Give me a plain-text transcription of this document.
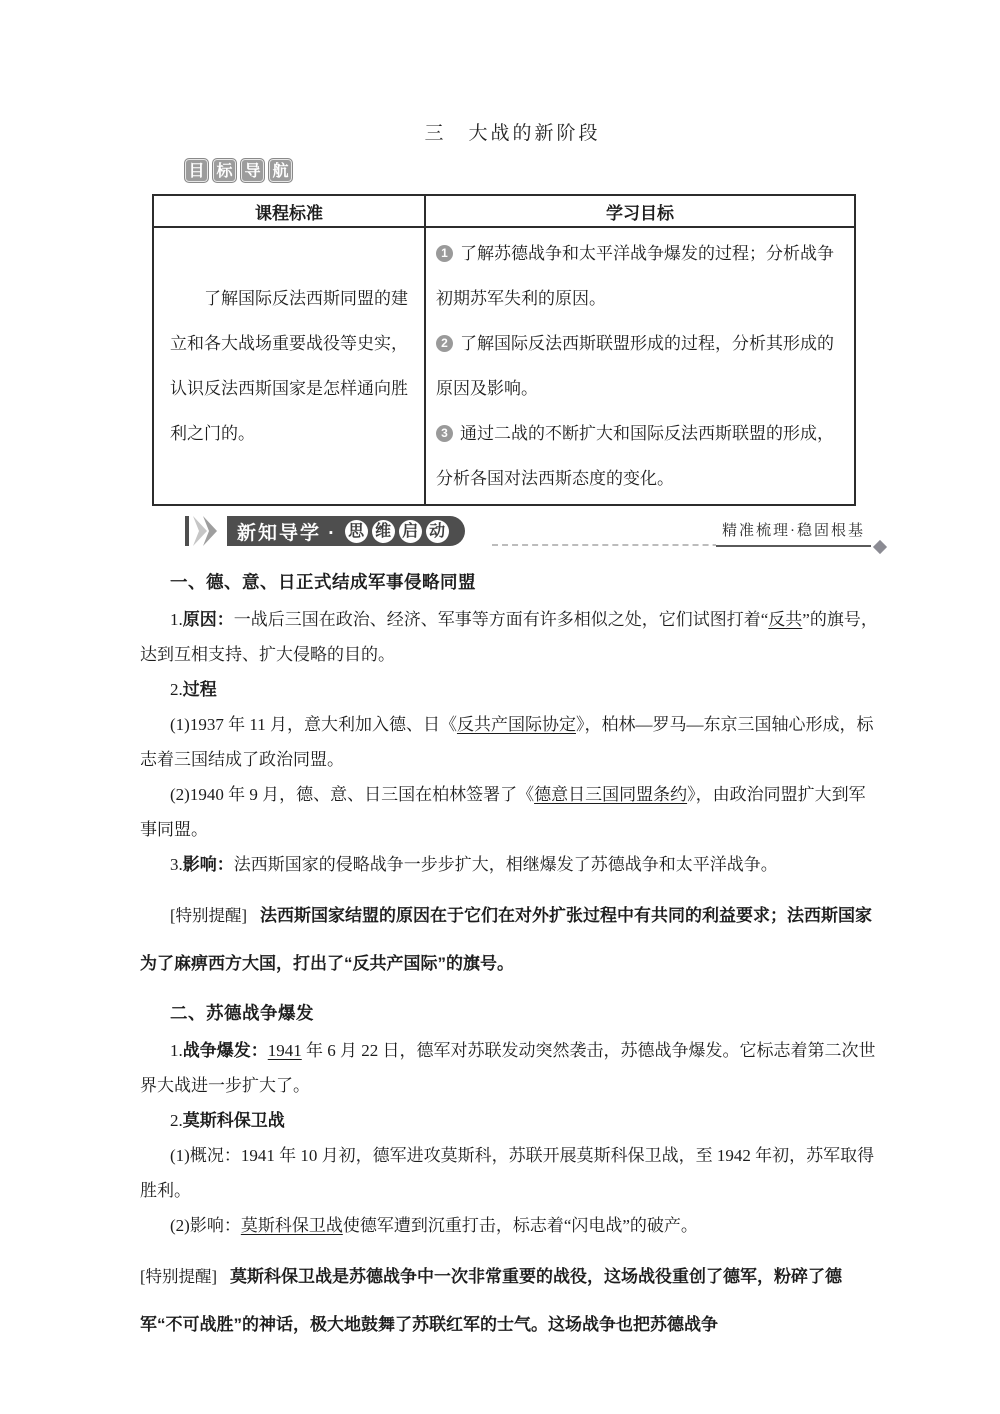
三　大战的新阶段
目 标 导 航
课程标准	学习目标
了解国际反法西斯同盟的建立和各大战场重要战役等史实，认识反法西斯国家是怎样通向胜利之门的。	1 了解苏德战争和太平洋战争爆发的过程；分析战争初期苏军失利的原因。

2 了解国际反法西斯联盟形成的过程，分析其形成的原因及影响。

3 通过二战的不断扩大和国际反法西斯联盟的形成，分析各国对法西斯态度的变化。

新知导学 · 思 维 启 动	精准梳理·稳固根基
一、德、意、日正式结成军事侵略同盟

1.原因：一战后三国在政治、经济、军事等方面有许多相似之处，它们试图打着“反共”的旗号，达到互相支持、扩大侵略的目的。

2.过程

(1)1937 年 11 月，意大利加入德、日《反共产国际协定》，柏林—罗马—东京三国轴心形成，标志着三国结成了政治同盟。

(2)1940 年 9 月，德、意、日三国在柏林签署了《德意日三国同盟条约》，由政治同盟扩大到军事同盟。

3.影响：法西斯国家的侵略战争一步步扩大，相继爆发了苏德战争和太平洋战争。

[特别提醒] 法西斯国家结盟的原因在于它们在对外扩张过程中有共同的利益要求；法西斯国家为了麻痹西方大国，打出了“反共产国际”的旗号。
二、苏德战争爆发

1.战争爆发：1941 年 6 月 22 日，德军对苏联发动突然袭击，苏德战争爆发。它标志着第二次世界大战进一步扩大了。

2.莫斯科保卫战

(1)概况：1941 年 10 月初，德军进攻莫斯科，苏联开展莫斯科保卫战，至 1942 年初，苏军取得胜利。

(2)影响：莫斯科保卫战使德军遭到沉重打击，标志着“闪电战”的破产。

[特别提醒] 莫斯科保卫战是苏德战争中一次非常重要的战役，这场战役重创了德军，粉碎了德军“不可战胜”的神话，极大地鼓舞了苏联红军的士气。这场战争也把苏德战争
